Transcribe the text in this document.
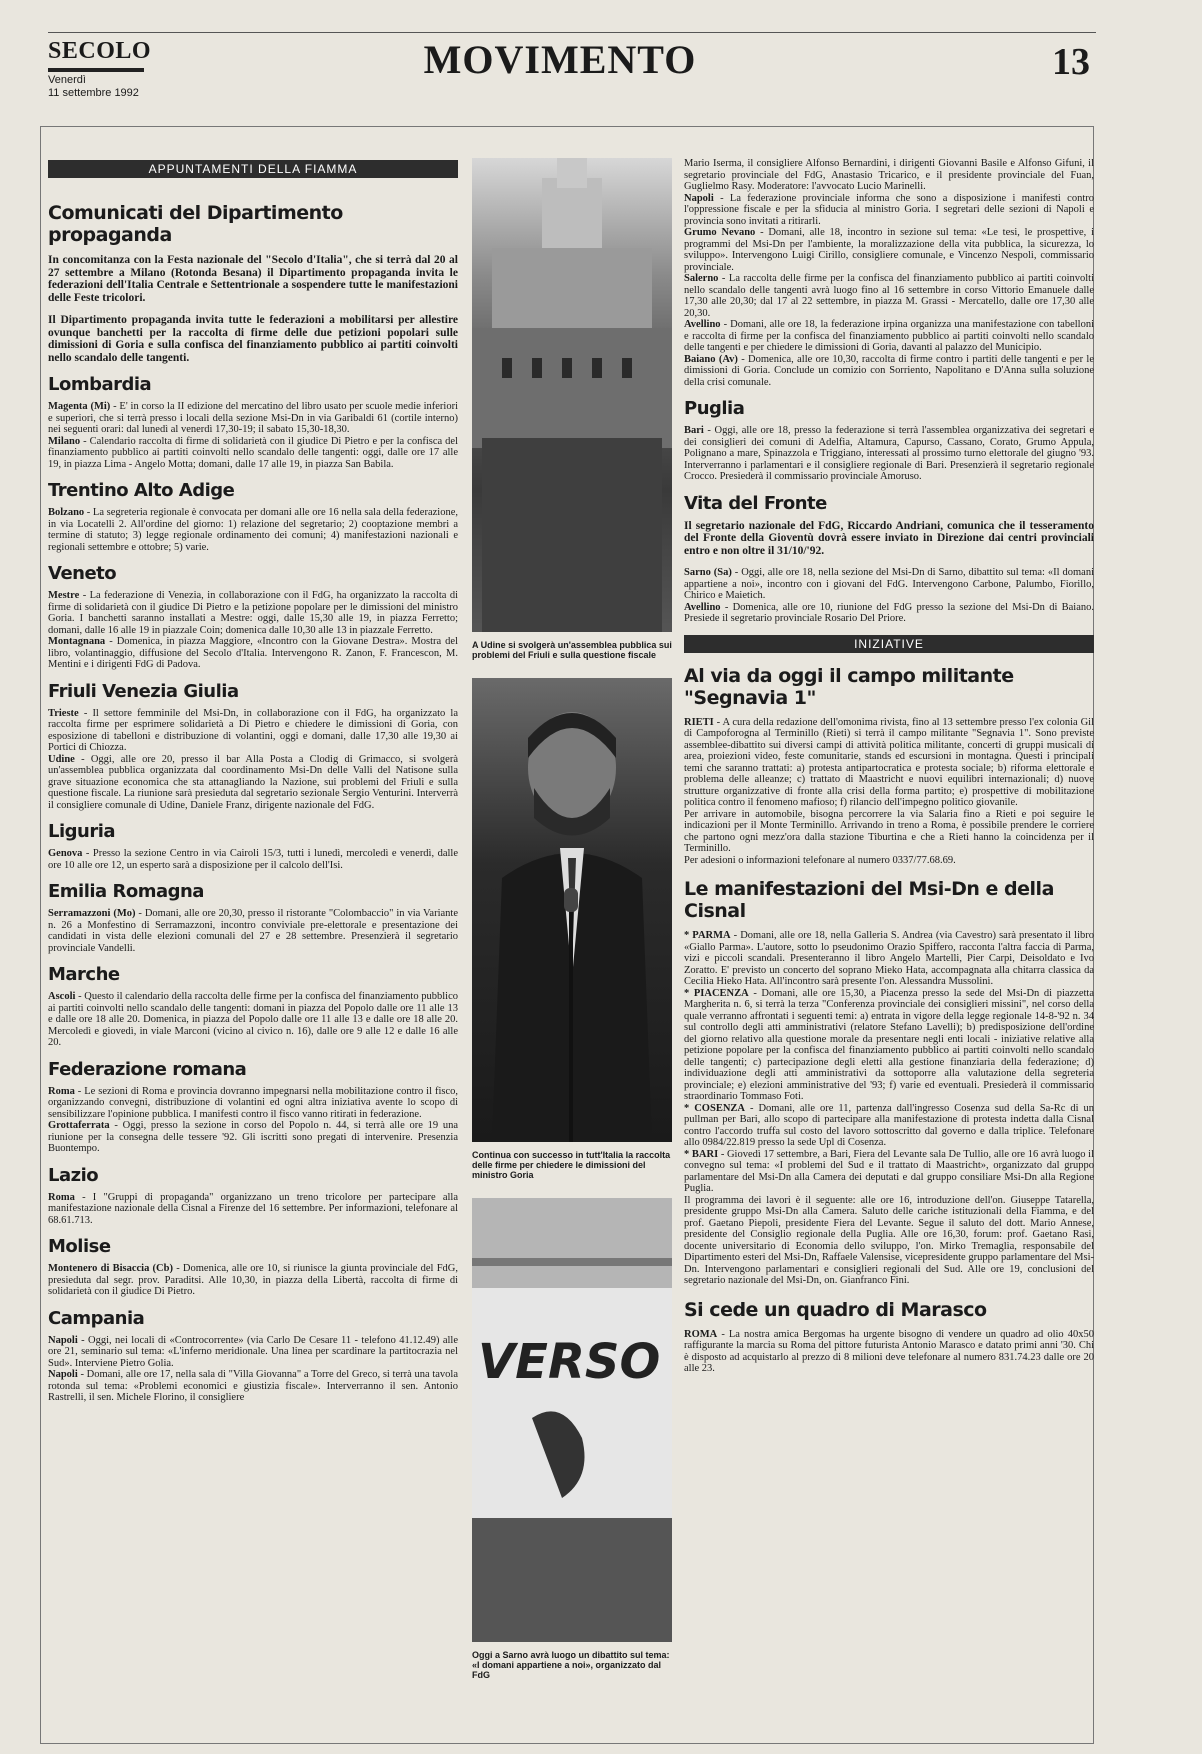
SECOLO
Venerdì
11 settembre 1992
MOVIMENTO	13
APPUNTAMENTI DELLA FIAMMA
Comunicati del Dipartimento propaganda
In concomitanza con la Festa nazionale del "Secolo d'Italia", che si terrà dal 20 al 27 settembre a Milano (Rotonda Besana) il Dipartimento propaganda invita le federazioni dell'Italia Centrale e Settentrionale a sospendere tutte le manifestazioni delle Feste tricolori.
Il Dipartimento propaganda invita tutte le federazioni a mobilitarsi per allestire ovunque banchetti per la raccolta di firme delle due petizioni popolari sulle dimissioni di Goria e sulla confisca del finanziamento pubblico ai partiti coinvolti nello scandalo delle tangenti.
Lombardia

Magenta (Mi) - E' in corso la II edizione del mercatino del libro usato per scuole medie inferiori e superiori, che si terrà presso i locali della sezione Msi-Dn in via Garibaldi 61 (cortile interno) nei seguenti orari: dal lunedì al venerdì 17,30-19; il sabato 15,30-18,30.

Milano - Calendario raccolta di firme di solidarietà con il giudice Di Pietro e per la confisca del finanziamento pubblico ai partiti coinvolti nello scandalo delle tangenti: oggi, dalle ore 17 alle 19, in piazza Lima - Angelo Motta; domani, dalle 17 alle 19, in piazza San Babila.

Trentino Alto Adige

Bolzano - La segreteria regionale è convocata per domani alle ore 16 nella sala della federazione, in via Locatelli 2. All'ordine del giorno: 1) relazione del segretario; 2) cooptazione membri a termine di statuto; 3) legge regionale ordinamento dei comuni; 4) manifestazioni nazionali e regionali settembre e ottobre; 5) varie.

Veneto

Mestre - La federazione di Venezia, in collaborazione con il FdG, ha organizzato la raccolta di firme di solidarietà con il giudice Di Pietro e la petizione popolare per le dimissioni del ministro Goria. I banchetti saranno installati a Mestre: oggi, dalle 15,30 alle 19, in piazza Ferretto; domani, dalle 16 alle 19 in piazzale Coin; domenica dalle 10,30 alle 13 in piazzale Ferretto.

Montagnana - Domenica, in piazza Maggiore, «Incontro con la Giovane Destra». Mostra del libro, volantinaggio, diffusione del Secolo d'Italia. Intervengono R. Zanon, F. Francescon, M. Mentini e i dirigenti FdG di Padova.

Friuli Venezia Giulia

Trieste - Il settore femminile del Msi-Dn, in collaborazione con il FdG, ha organizzato la raccolta firme per esprimere solidarietà a Di Pietro e chiedere le dimissioni di Goria, con esposizione di tabelloni e distribuzione di volantini, oggi e domani, dalle 17,30 alle 19,30 ai Portici di Chiozza.

Udine - Oggi, alle ore 20, presso il bar Alla Posta a Clodig di Grimacco, si svolgerà un'assemblea pubblica organizzata dal coordinamento Msi-Dn delle Valli del Natisone sulla grave situazione economica che sta attanagliando la Nazione, sui problemi del Friuli e sulla questione fiscale. La riunione sarà presieduta dal segretario sezionale Sergio Venturini. Interverrà il consigliere comunale di Udine, Daniele Franz, dirigente nazionale del FdG.

Liguria

Genova - Presso la sezione Centro in via Cairoli 15/3, tutti i lunedì, mercoledì e venerdì, dalle ore 10 alle ore 12, un esperto sarà a disposizione per il calcolo dell'Isi.

Emilia Romagna

Serramazzoni (Mo) - Domani, alle ore 20,30, presso il ristorante "Colombaccio" in via Variante n. 26 a Monfestino di Serramazzoni, incontro conviviale pre-elettorale e presentazione dei candidati in vista delle elezioni comunali del 27 e 28 settembre. Presenzierà il segretario provinciale Vandelli.

Marche

Ascoli - Questo il calendario della raccolta delle firme per la confisca del finanziamento pubblico ai partiti coinvolti nello scandalo delle tangenti: domani in piazza del Popolo dalle ore 11 alle 13 e dalle ore 18 alle 20. Domenica, in piazza del Popolo dalle ore 11 alle 13 e dalle ore 18 alle 20. Mercoledì e giovedì, in viale Marconi (vicino al civico n. 16), dalle ore 9 alle 12 e dalle 16 alle 20.

Federazione romana

Roma - Le sezioni di Roma e provincia dovranno impegnarsi nella mobilitazione contro il fisco, organizzando convegni, distribuzione di volantini ed ogni altra iniziativa avente lo scopo di sensibilizzare l'opinione pubblica. I manifesti contro il fisco vanno ritirati in federazione.

Grottaferrata - Oggi, presso la sezione in corso del Popolo n. 44, si terrà alle ore 19 una riunione per la consegna delle tessere '92. Gli iscritti sono pregati di intervenire. Presenzia Buontempo.

Lazio

Roma - I "Gruppi di propaganda" organizzano un treno tricolore per partecipare alla manifestazione nazionale della Cisnal a Firenze del 16 settembre. Per informazioni, telefonare al 68.61.713.

Molise

Montenero di Bisaccia (Cb) - Domenica, alle ore 10, si riunisce la giunta provinciale del FdG, presieduta dal segr. prov. Paraditsi. Alle 10,30, in piazza della Libertà, raccolta di firme di solidarietà con il giudice Di Pietro.

Campania

Napoli - Oggi, nei locali di «Controcorrente» (via Carlo De Cesare 11 - telefono 41.12.49) alle ore 21, seminario sul tema: «L'inferno meridionale. Una linea per scardinare la partitocrazia nel Sud». Interviene Pietro Golia.

Napoli - Domani, alle ore 17, nella sala di "Villa Giovanna" a Torre del Greco, si terrà una tavola rotonda sul tema: «Problemi economici e giustizia fiscale». Interverranno il sen. Antonio Rastrelli, il sen. Michele Florino, il consigliere

A Udine si svolgerà un'assemblea pubblica sui problemi del Friuli e sulla questione fiscale
Continua con successo in tutt'Italia la raccolta delle firme per chiedere le dimissioni del ministro Goria
VERSO
Oggi a Sarno avrà luogo un dibattito sul tema: «I domani appartiene a noi», organizzato dal FdG

Mario Iserma, il consigliere Alfonso Bernardini, i dirigenti Giovanni Basile e Alfonso Gifuni, il segretario provinciale del FdG, Anastasio Tricarico, e il presidente provinciale del Fuan, Guglielmo Rasy. Moderatore: l'avvocato Lucio Marinelli.

Napoli - La federazione provinciale informa che sono a disposizione i manifesti contro l'oppressione fiscale e per la sfiducia al ministro Goria. I segretari delle sezioni di Napoli e provincia sono invitati a ritirarli.

Grumo Nevano - Domani, alle 18, incontro in sezione sul tema: «Le tesi, le prospettive, i programmi del Msi-Dn per l'ambiente, la moralizzazione della vita pubblica, la sicurezza, lo sviluppo». Intervengono Luigi Cirillo, consigliere comunale, e Vincenzo Nespoli, commissario provinciale.

Salerno - La raccolta delle firme per la confisca del finanziamento pubblico ai partiti coinvolti nello scandalo delle tangenti avrà luogo fino al 16 settembre in corso Vittorio Emanuele dalle 17,30 alle 20,30; dal 17 al 22 settembre, in piazza M. Grassi - Mercatello, dalle ore 17,30 alle 20,30.

Avellino - Domani, alle ore 18, la federazione irpina organizza una manifestazione con tabelloni e raccolta di firme per la confisca del finanziamento pubblico ai partiti coinvolti nello scandalo delle tangenti e per chiedere le dimissioni di Goria, davanti al palazzo del Municipio.

Baiano (Av) - Domenica, alle ore 10,30, raccolta di firme contro i partiti delle tangenti e per le dimissioni di Goria. Conclude un comizio con Sorriento, Napolitano e D'Anna sulla soluzione della crisi comunale.

Puglia

Bari - Oggi, alle ore 18, presso la federazione si terrà l'assemblea organizzativa dei segretari e dei consiglieri dei comuni di Adelfia, Altamura, Capurso, Cassano, Corato, Grumo Appula, Polignano a mare, Spinazzola e Triggiano, interessati al prossimo turno elettorale del giugno '93. Interverranno i parlamentari e il consigliere regionale di Bari. Presenzierà il segretario regionale Crocco. Presiederà il commissario provinciale Amoruso.

Vita del Fronte
Il segretario nazionale del FdG, Riccardo Andriani, comunica che il tesseramento del Fronte della Gioventù dovrà essere inviato in Direzione dai centri provinciali entro e non oltre il 31/10/'92.

Sarno (Sa) - Oggi, alle ore 18, nella sezione del Msi-Dn di Sarno, dibattito sul tema: «Il domani appartiene a noi», incontro con i giovani del FdG. Intervengono Carbone, Palumbo, Fiorillo, Chirico e Maietich.

Avellino - Domenica, alle ore 10, riunione del FdG presso la sezione del Msi-Dn di Baiano. Presiede il segretario provinciale Rosario Del Priore.

INIZIATIVE
Al via da oggi il campo militante "Segnavia 1"

RIETI - A cura della redazione dell'omonima rivista, fino al 13 settembre presso l'ex colonia Gil di Campoforogna al Terminillo (Rieti) si terrà il campo militante "Segnavia 1". Sono previste assemblee-dibattito sui diversi campi di attività politica militante, concerti di gruppi musicali di area, proiezioni video, feste comunitarie, stands ed escursioni in montagna. Questi i principali temi che saranno trattati: a) protesta antipartocratica e protesta sociale; b) riforma elettorale e problema delle alleanze; c) trattato di Maastricht e nuovi equilibri internazionali; d) nuove strutture organizzative di fronte alla crisi della forma partito; e) prospettive di mobilitazione politica contro il fenomeno mafioso; f) rilancio dell'impegno politico giovanile.

Per arrivare in automobile, bisogna percorrere la via Salaria fino a Rieti e poi seguire le indicazioni per il Monte Terminillo. Arrivando in treno a Roma, è possibile prendere le corriere che partono ogni mezz'ora dalla stazione Tiburtina e che a Rieti hanno la coincidenza per il Terminillo.

Per adesioni o informazioni telefonare al numero 0337/77.68.69.

Le manifestazioni del Msi-Dn e della Cisnal

* PARMA - Domani, alle ore 18, nella Galleria S. Andrea (via Cavestro) sarà presentato il libro «Giallo Parma». L'autore, sotto lo pseudonimo Orazio Spiffero, racconta l'altra faccia di Parma, vizi e piccoli scandali. Presenteranno il libro Angelo Martelli, Pier Carpi, Deisoldato e Ivo Zoratto. E' previsto un concerto del soprano Mieko Hata, accompagnata alla chitarra classica da Cecilia Hieko Hata. All'incontro sarà presente l'on. Alessandra Mussolini.

* PIACENZA - Domani, alle ore 15,30, a Piacenza presso la sede del Msi-Dn di piazzetta Margherita n. 6, si terrà la terza "Conferenza provinciale dei consiglieri missini", nel corso della quale verranno affrontati i seguenti temi: a) entrata in vigore della legge regionale 14-8-'92 n. 34 sul controllo degli atti amministrativi (relatore Stefano Lavelli); b) predisposizione dell'ordine del giorno relativo alla questione morale da presentare negli enti locali - iniziative relative alla petizione popolare per la confisca del finanziamento pubblico ai partiti coinvolti nello scandalo delle tangenti; c) partecipazione degli eletti alla gestione finanziaria della federazione; d) individuazione degli atti amministrativi da sottoporre alla valutazione della segreteria provinciale; e) elezioni amministrative del '93; f) varie ed eventuali. Presiederà il commissario straordinario Tommaso Foti.

* COSENZA - Domani, alle ore 11, partenza dall'ingresso Cosenza sud della Sa-Rc di un pullman per Bari, allo scopo di partecipare alla manifestazione di protesta indetta dalla Cisnal contro l'accordo truffa sul costo del lavoro sottoscritto dal governo e dalla triplice. Telefonare allo 0984/22.819 presso la sede Upl di Cosenza.

* BARI - Giovedì 17 settembre, a Bari, Fiera del Levante sala De Tullio, alle ore 16 avrà luogo il convegno sul tema: «I problemi del Sud e il trattato di Maastricht», organizzato dal gruppo parlamentare del Msi-Dn alla Camera dei deputati e dal gruppo consiliare Msi-Dn alla Regione Puglia.

Il programma dei lavori è il seguente: alle ore 16, introduzione dell'on. Giuseppe Tatarella, presidente gruppo Msi-Dn alla Camera. Saluto delle cariche istituzionali della Fiamma, e del prof. Gaetano Piepoli, presidente Fiera del Levante. Segue il saluto del dott. Mario Annese, presidente del Consiglio regionale della Puglia. Alle ore 16,30, forum: prof. Gaetano Rasi, docente universitario di Economia dello sviluppo, l'on. Mirko Tremaglia, responsabile del Dipartimento esteri del Msi-Dn, Raffaele Valensise, vicepresidente gruppo parlamentare del Msi-Dn. Intervengono parlamentari e consiglieri regionali del Sud. Alle ore 19, conclusioni del segretario nazionale del Msi-Dn, on. Gianfranco Fini.

Si cede un quadro di Marasco

ROMA - La nostra amica Bergomas ha urgente bisogno di vendere un quadro ad olio 40x50 raffigurante la marcia su Roma del pittore futurista Antonio Marasco e datato primi anni '30. Chi è disposto ad acquistarlo al prezzo di 8 milioni deve telefonare al numero 831.74.23 dalle ore 20 alle 23.
